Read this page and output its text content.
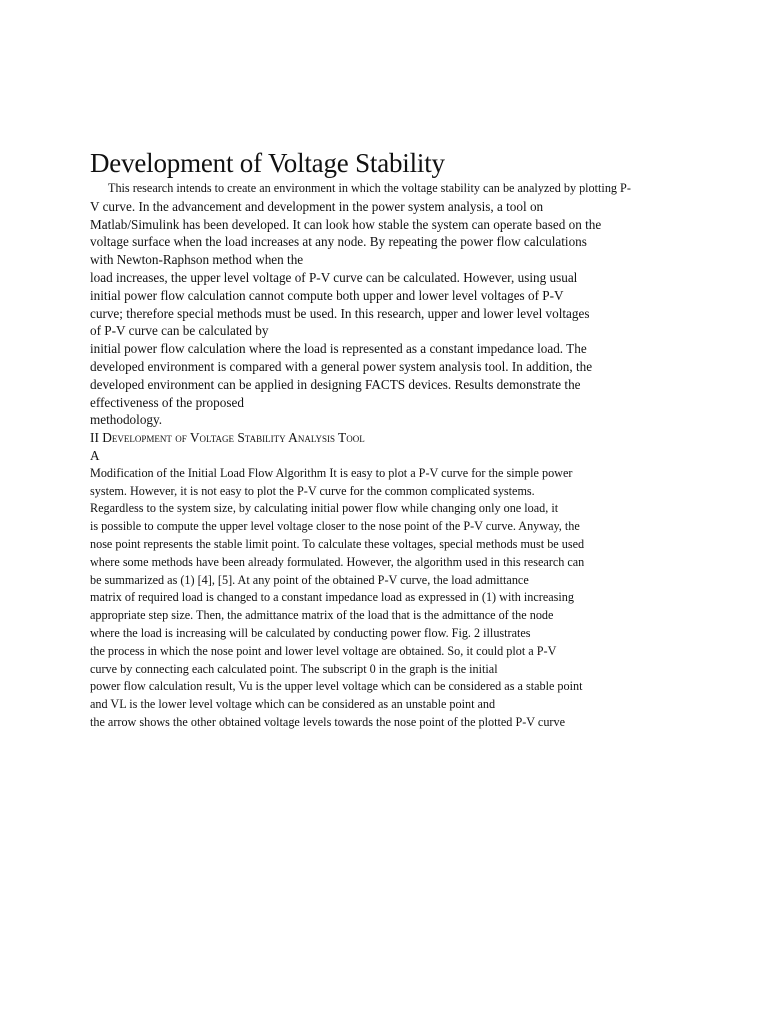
Development of Voltage Stability

This research intends to create an environment in which the voltage stability can be analyzed by plotting P-

V curve. In the advancement and development in the power system analysis, a tool on

Matlab/Simulink has been developed. It can look how stable the system can operate based on the

voltage surface when the load increases at any node. By repeating the power flow calculations

with Newton-Raphson method when the

load increases, the upper level voltage of P-V curve can be calculated. However, using usual

initial power flow calculation cannot compute both upper and lower level voltages of P-V

curve; therefore special methods must be used. In this research, upper and lower level voltages

of P-V curve can be calculated by

initial power flow calculation where the load is represented as a constant impedance load. The

developed environment is compared with a general power system analysis tool. In addition, the

developed environment can be applied in designing FACTS devices. Results demonstrate the

effectiveness of the proposed

methodology.

II Development of Voltage Stability Analysis Tool

A

Modification of the Initial Load Flow Algorithm It is easy to plot a P-V curve for the simple power

system. However, it is not easy to plot the P-V curve for the common complicated systems.

Regardless to the system size, by calculating initial power flow while changing only one load, it

is possible to compute the upper level voltage closer to the nose point of the P-V curve. Anyway, the

nose point represents the stable limit point. To calculate these voltages, special methods must be used

where some methods have been already formulated. However, the algorithm used in this research can

be summarized as (1) [4], [5]. At any point of the obtained P-V curve, the load admittance

matrix of required load is changed to a constant impedance load as expressed in (1) with increasing

appropriate step size. Then, the admittance matrix of the load that is the admittance of the node

where the load is increasing will be calculated by conducting power flow. Fig. 2 illustrates

the process in which the nose point and lower level voltage are obtained. So, it could plot a P-V

curve by connecting each calculated point. The subscript 0 in the graph is the initial

power flow calculation result, Vu is the upper level voltage which can be considered as a stable point

and VL is the lower level voltage which can be considered as an unstable point and

the arrow shows the other obtained voltage levels towards the nose point of the plotted P-V curve
